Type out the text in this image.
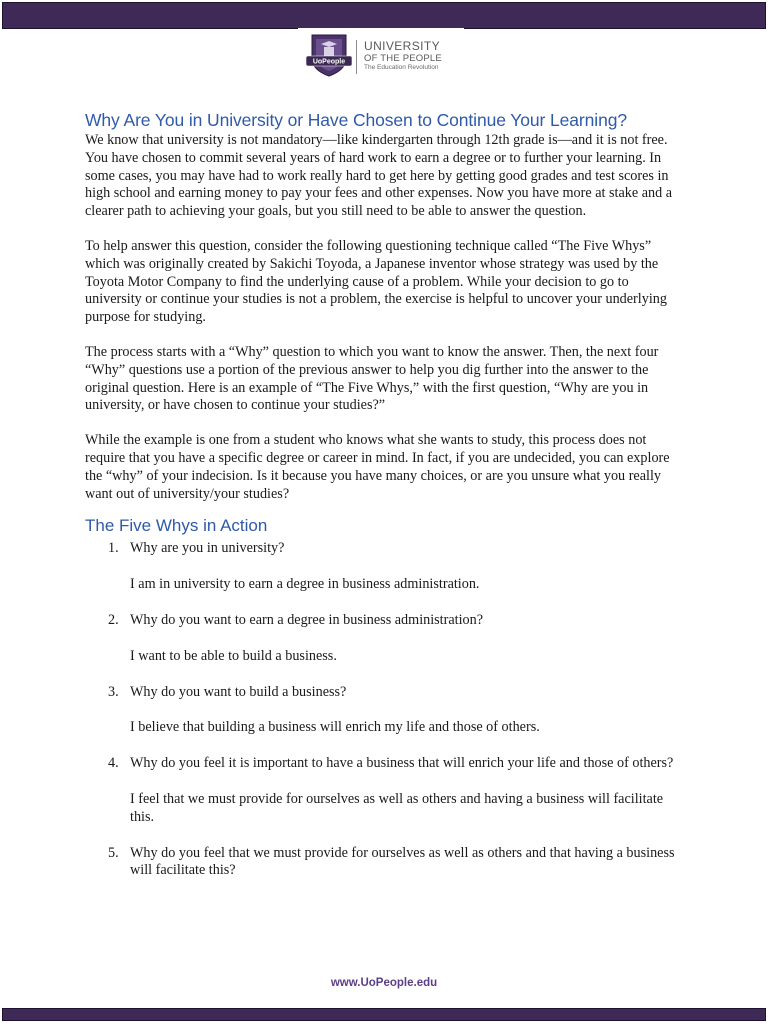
UoPeople
UNIVERSITY
OF THE PEOPLE
The Education Revolution
Why Are You in University or Have Chosen to Continue Your Learning?

We know that university is not mandatory—like kindergarten through 12th grade is—and it is not free. You have chosen to commit several years of hard work to earn a degree or to further your learning. In some cases, you may have had to work really hard to get here by getting good grades and test scores in high school and earning money to pay your fees and other expenses. Now you have more at stake and a clearer path to achieving your goals, but you still need to be able to answer the question.

To help answer this question, consider the following questioning technique called “The Five Whys” which was originally created by Sakichi Toyoda, a Japanese inventor whose strategy was used by the Toyota Motor Company to find the underlying cause of a problem. While your decision to go to university or continue your studies is not a problem, the exercise is helpful to uncover your underlying purpose for studying.

The process starts with a “Why” question to which you want to know the answer. Then, the next four “Why” questions use a portion of the previous answer to help you dig further into the answer to the original question. Here is an example of “The Five Whys,” with the first question, “Why are you in university, or have chosen to continue your studies?”

While the example is one from a student who knows what she wants to study, this process does not require that you have a specific degree or career in mind. In fact, if you are undecided, you can explore the “why” of your indecision. Is it because you have many choices, or are you unsure what you really want out of university/your studies?

The Five Whys in Action
1. Why are you in university?
I am in university to earn a degree in business administration.
2. Why do you want to earn a degree in business administration?
I want to be able to build a business.
3. Why do you want to build a business?
I believe that building a business will enrich my life and those of others.
4. Why do you feel it is important to have a business that will enrich your life and those of others?
I feel that we must provide for ourselves as well as others and having a business will facilitate this.
5. Why do you feel that we must provide for ourselves as well as others and that having a business will facilitate this?
www.UoPeople.edu
